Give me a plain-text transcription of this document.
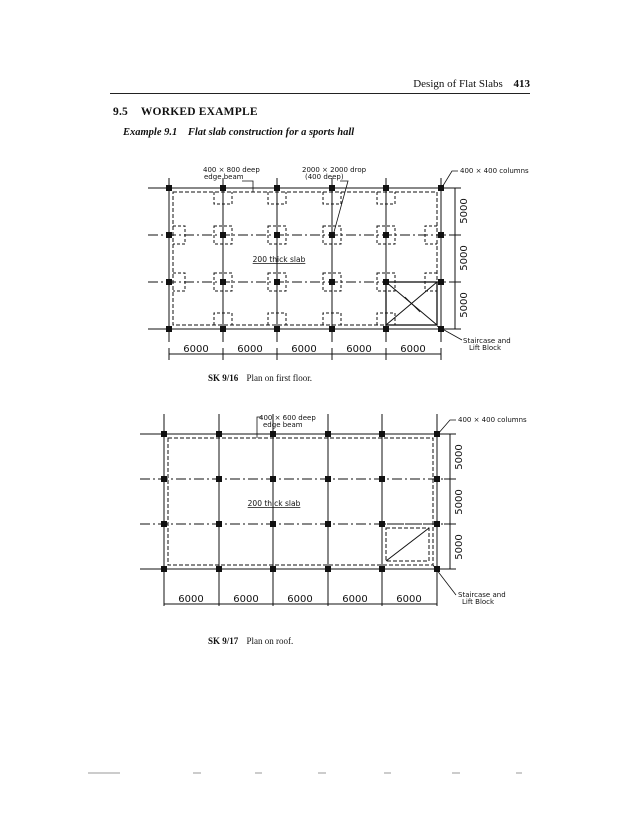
Design of Flat Slabs 413
9.5 WORKED EXAMPLE
Example 9.1 Flat slab construction for a sports hall
6000	6000	6000	6000	6000
5000
5000
5000
400 × 800 deep
edge beam
2000 × 2000 drop
(400 deep)
400 × 400 columns
Staircase and
Lift Block
200 thick slab
SK 9/16 Plan on first floor.
6000	6000	6000	6000	6000
5000
5000
5000
400 × 600 deep
edge beam
400 × 400 columns
Staircase and
Lift Block
200 thick slab
SK 9/17 Plan on roof.
